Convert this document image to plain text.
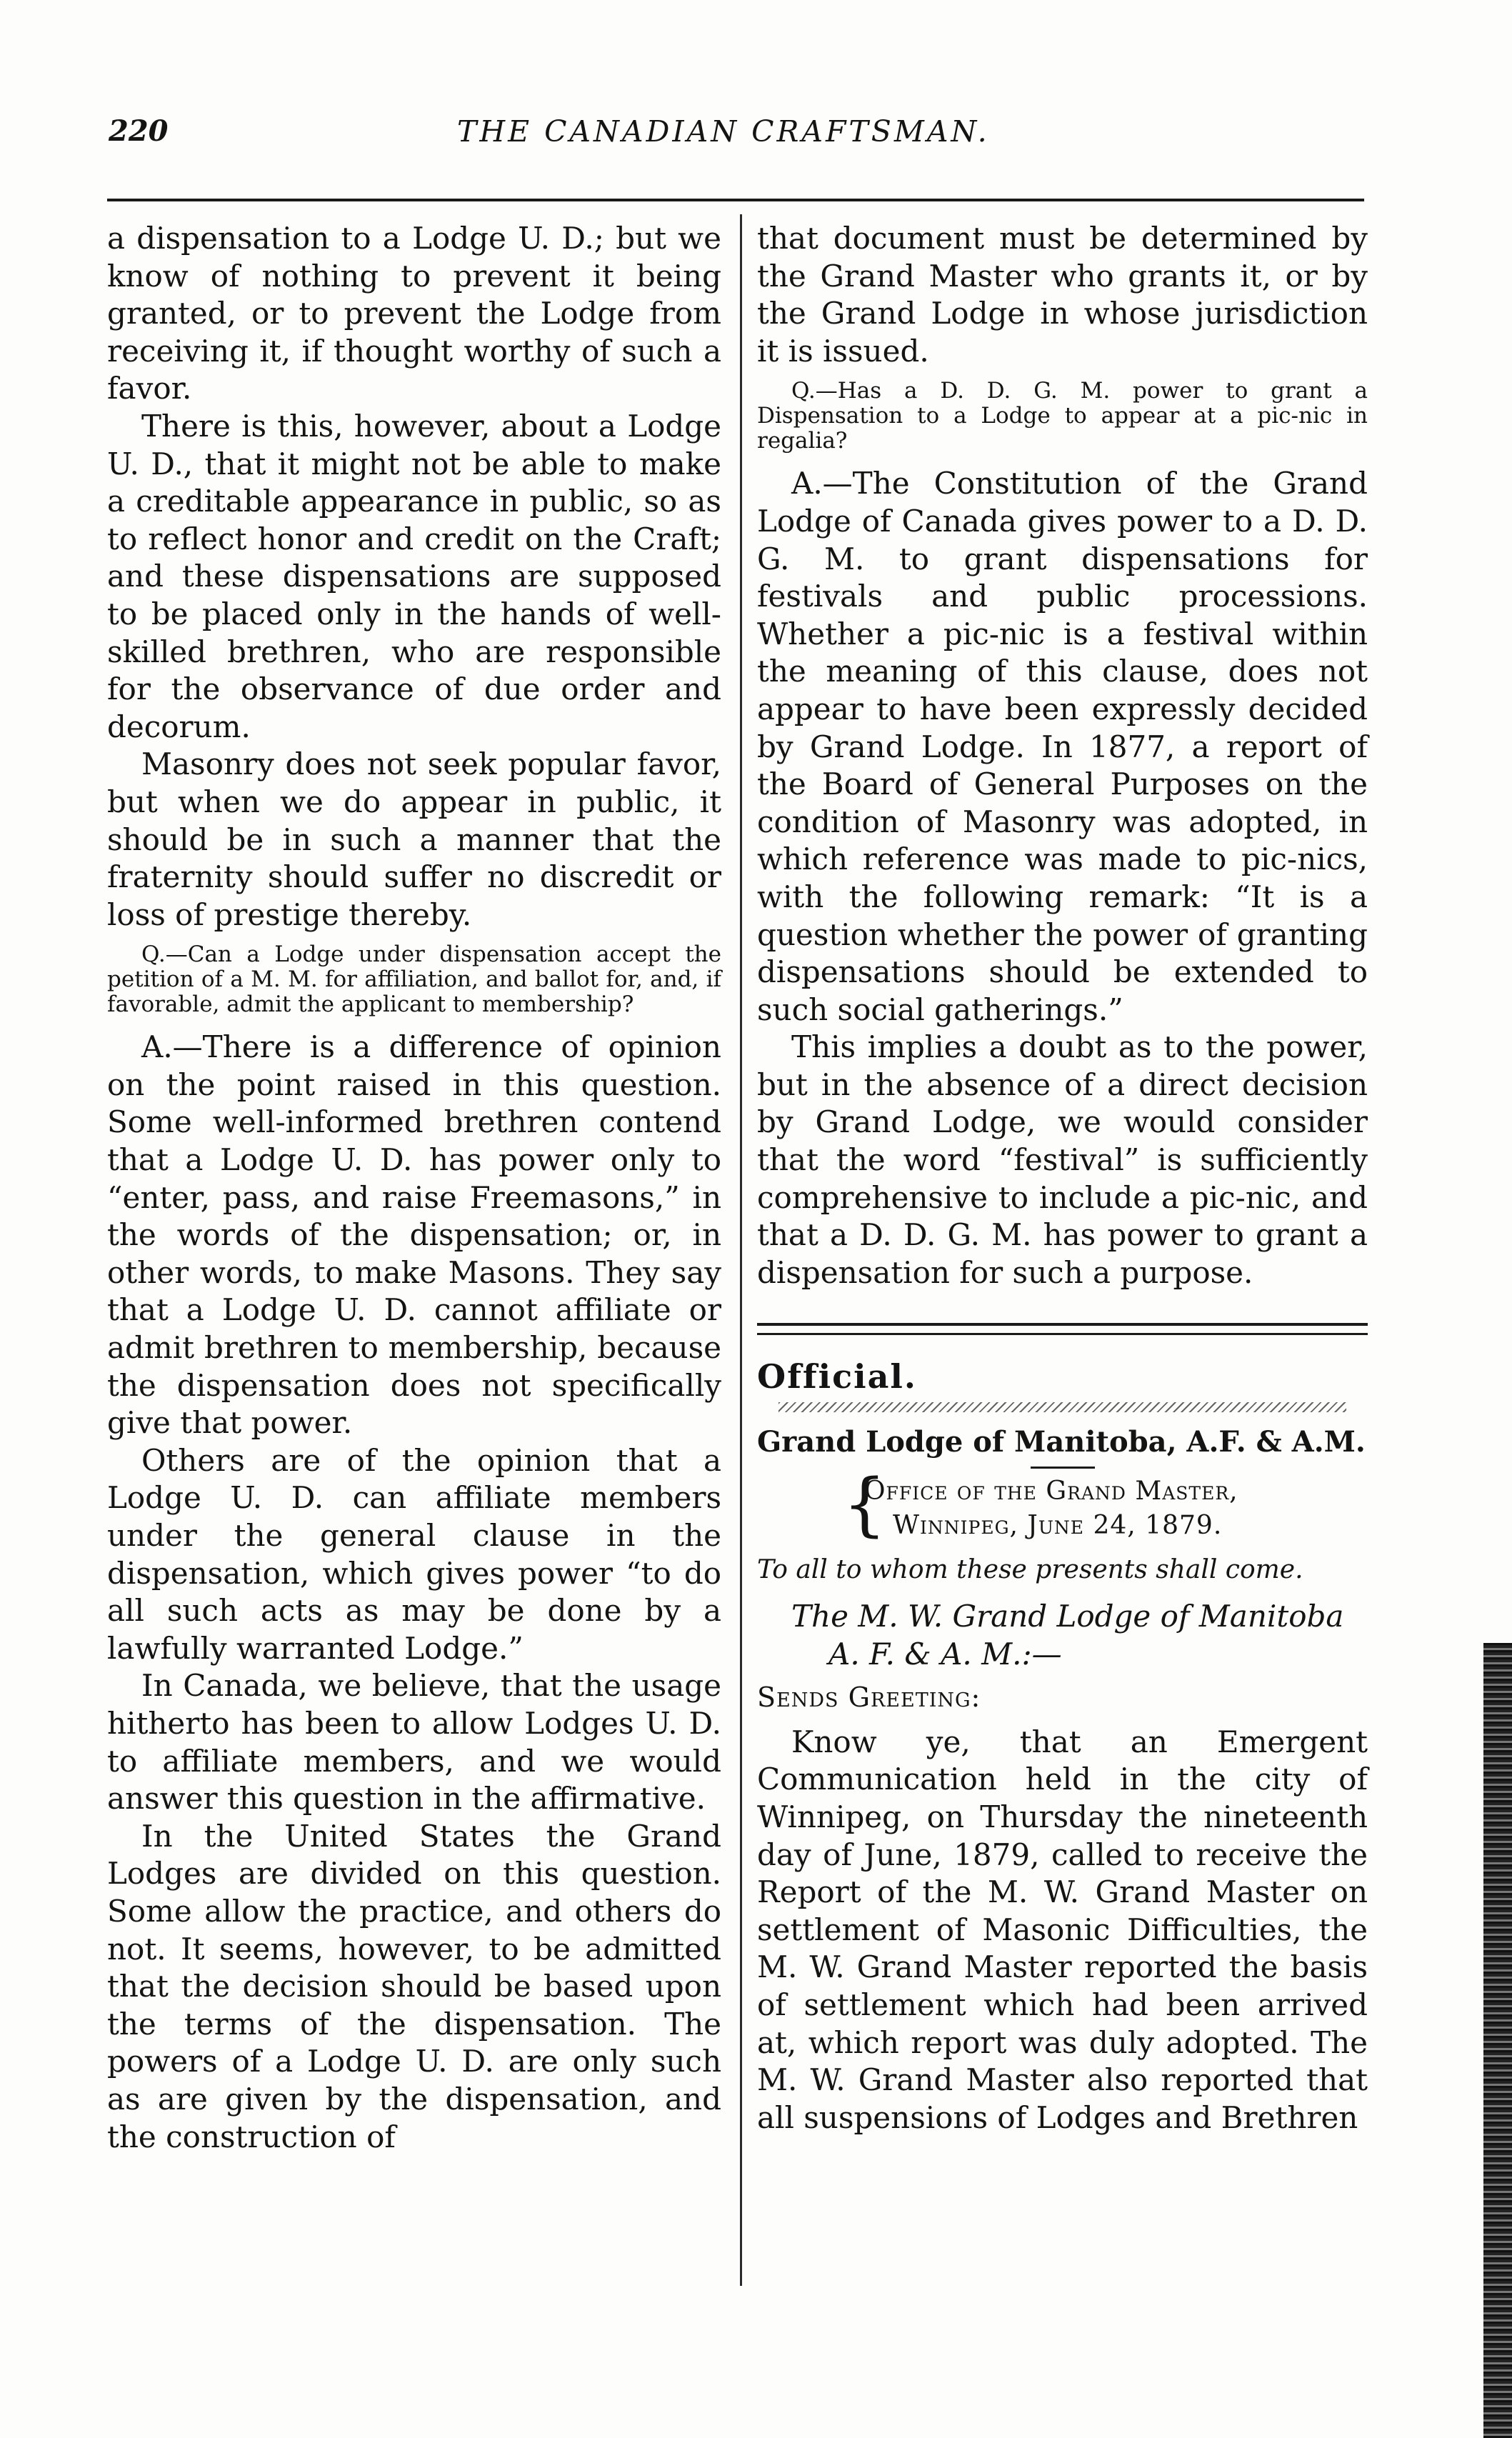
220	THE CANADIAN CRAFTSMAN.

a dispensation to a Lodge U. D.; but we know of nothing to prevent it being granted, or to prevent the Lodge from receiving it, if thought worthy of such a favor.

There is this, however, about a Lodge U. D., that it might not be able to make a creditable appearance in public, so as to reflect honor and credit on the Craft; and these dispensations are supposed to be placed only in the hands of well-skilled brethren, who are responsible for the observance of due order and decorum.

Masonry does not seek popular favor, but when we do appear in public, it should be in such a manner that the fraternity should suffer no discredit or loss of prestige thereby.

Q.—Can a Lodge under dispensation accept the petition of a M. M. for affiliation, and ballot for, and, if favorable, admit the applicant to membership?

A.—There is a difference of opinion on the point raised in this question. Some well-informed brethren contend that a Lodge U. D. has power only to “enter, pass, and raise Freemasons,” in the words of the dispensation; or, in other words, to make Masons. They say that a Lodge U. D. cannot affiliate or admit brethren to membership, because the dispensation does not specifically give that power.

Others are of the opinion that a Lodge U. D. can affiliate members under the general clause in the dispensation, which gives power “to do all such acts as may be done by a lawfully warranted Lodge.”

In Canada, we believe, that the usage hitherto has been to allow Lodges U. D. to affiliate members, and we would answer this question in the affirmative.

In the United States the Grand Lodges are divided on this question. Some allow the practice, and others do not. It seems, however, to be admitted that the decision should be based upon the terms of the dispensation. The powers of a Lodge U. D. are only such as are given by the dispensation, and the construction of

that document must be determined by the Grand Master who grants it, or by the Grand Lodge in whose jurisdiction it is issued.

Q.—Has a D. D. G. M. power to grant a Dispensation to a Lodge to appear at a pic-nic in regalia?

A.—The Constitution of the Grand Lodge of Canada gives power to a D. D. G. M. to grant dispensations for festivals and public processions. Whether a pic-nic is a festival within the meaning of this clause, does not appear to have been expressly decided by Grand Lodge. In 1877, a report of the Board of General Purposes on the condition of Masonry was adopted, in which reference was made to pic-nics, with the following remark: “It is a question whether the power of granting dispensations should be extended to such social gatherings.”

This implies a doubt as to the power, but in the absence of a direct decision by Grand Lodge, we would consider that the word “festival” is sufficiently comprehensive to include a pic-nic, and that a D. D. G. M. has power to grant a dispensation for such a purpose.

Official.

Grand Lodge of Manitoba, A.F. & A.M.

{
Office of the Grand Master,
Winnipeg, June 24, 1879.

To all to whom these presents shall come.

The M. W. Grand Lodge of Manitoba

A. F. & A. M.:—

Sends Greeting:

Know ye, that an Emergent Communication held in the city of Winnipeg, on Thursday the nineteenth day of June, 1879, called to receive the Report of the M. W. Grand Master on settlement of Masonic Difficulties, the M. W. Grand Master reported the basis of settlement which had been arrived at, which report was duly adopted. The M. W. Grand Master also reported that all suspensions of Lodges and Brethren
